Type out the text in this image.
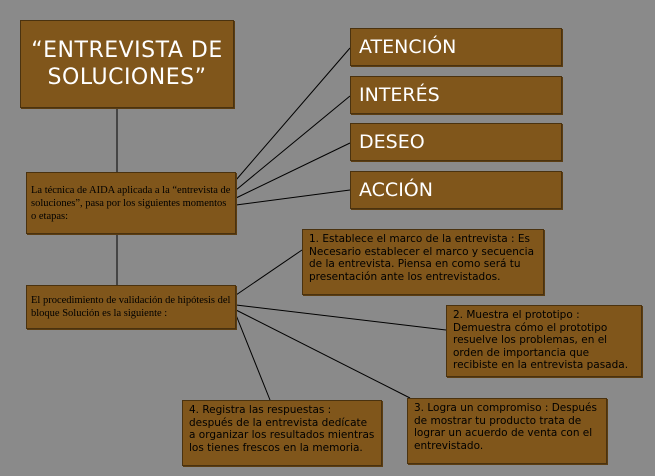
“ENTREVISTA DE SOLUCIONES”
ATENCIÓN
INTERÉS
DESEO
ACCIÓN
La técnica de AIDA aplicada a la “entrevista de soluciones”, pasa por los siguientes momentos o etapas:
El procedimiento de validación de hipótesis del bloque Solución es la siguiente :
1. Establece el marco de la entrevista : Es Necesario establecer el marco y secuencia de la entrevista. Piensa en como será tu presentación ante los entrevistados.
2. Muestra el prototipo : Demuestra cómo el prototipo resuelve los problemas, en el orden de importancia que recibiste en la entrevista pasada.
3. Logra un compromiso : Después de mostrar tu producto trata de lograr un acuerdo de venta con el entrevistado.
4. Registra las respuestas : después de la entrevista dedícate a organizar los resultados mientras los tienes frescos en la memoria.
